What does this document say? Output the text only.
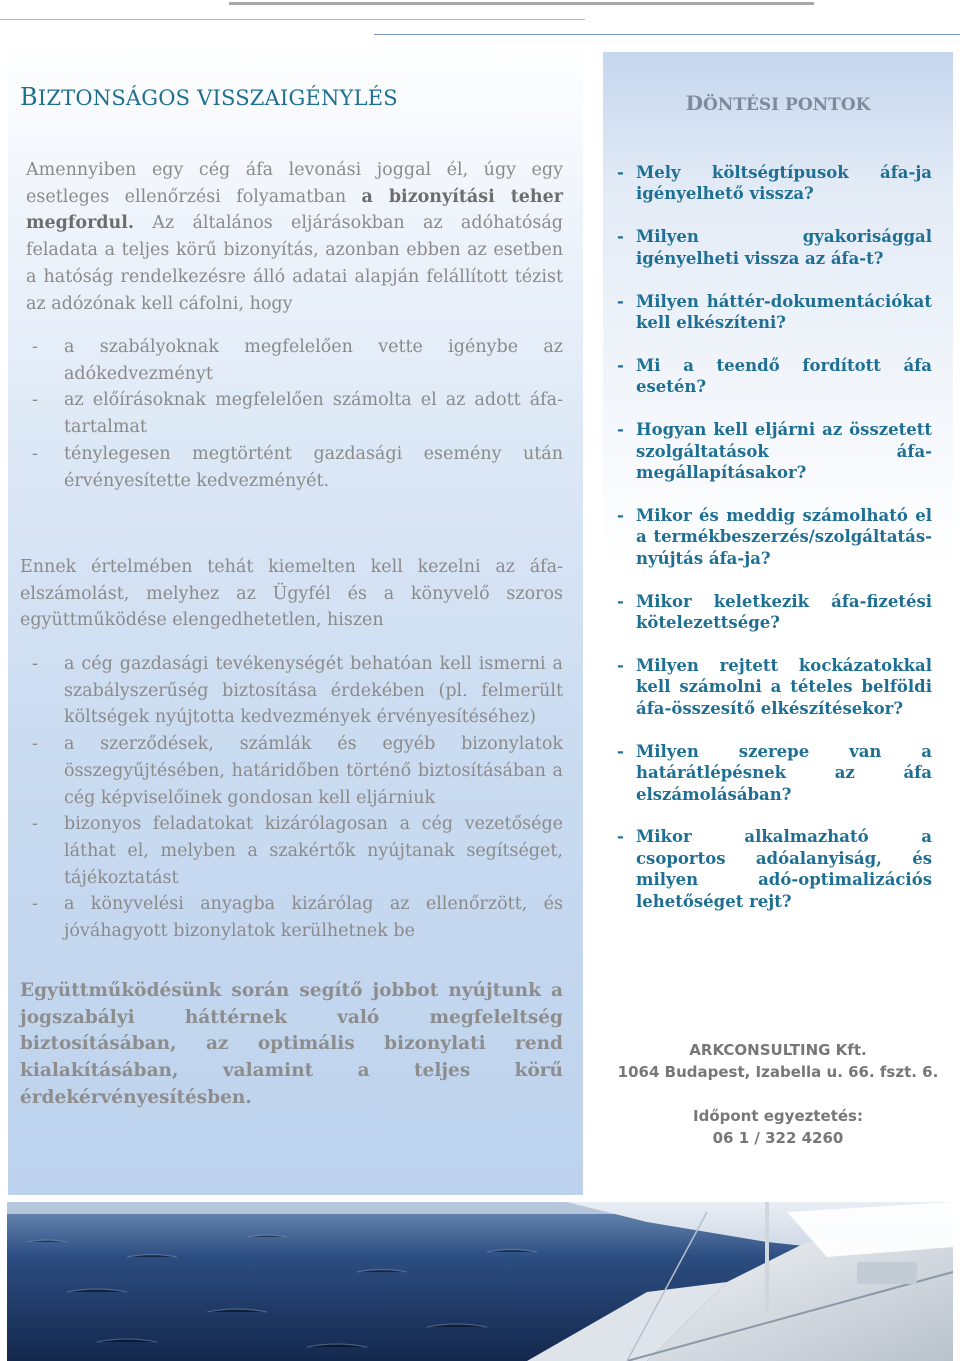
BIZTONSÁGOS VISSZAIGÉNYLÉS

Amennyiben egy cég áfa levonási joggal él, úgy egy esetleges ellenőrzési folyamatban a bizonyítási teher megfordul. Az általános eljárásokban az adóhatóság feladata a teljes körű bizonyítás, azonban ebben az esetben a hatóság rendelkezésre álló adatai alapján felállított tézist az adózónak kell cáfolni, hogy

- a szabályoknak megfelelően vette igénybe az adókedvezményt
- az előírásoknak megfelelően számolta el az adott áfa-tartalmat
- ténylegesen megtörtént gazdasági esemény után érvényesítette kedvezményét.

Ennek értelmében tehát kiemelten kell kezelni az áfa-elszámolást, melyhez az Ügyfél és a könyvelő szoros együttműködése elengedhetetlen, hiszen

- a cég gazdasági tevékenységét behatóan kell ismerni a szabályszerűség biztosítása érdekében (pl. felmerült költségek nyújtotta kedvezmények érvényesítéséhez)
- a szerződések, számlák és egyéb bizonylatok összegyűjtésében, határidőben történő biztosításában a cég képviselőinek gondosan kell eljárniuk
- bizonyos feladatokat kizárólagosan a cég vezetősége láthat el, melyben a szakértők nyújtanak segítséget, tájékoztatást
- a könyvelési anyagba kizárólag az ellenőrzött, és jóváhagyott bizonylatok kerülhetnek be

Együttműködésünk során segítő jobbot nyújtunk a jogszabályi háttérnek való megfeleltség biztosításában, az optimális bizonylati rend kialakításában, valamint a teljes körű érdekérvényesítésben.

DÖNTÉSI PONTOK
- Mely költségtípusok áfa-ja igényelhető vissza?
- Milyen gyakorisággal igényelheti vissza az áfa-t?
- Milyen háttér-dokumentációkat kell elkészíteni?
- Mi a teendő fordított áfa esetén?
- Hogyan kell eljárni az összetett szolgáltatások áfa-megállapításakor?
- Mikor és meddig számolható el a termékbeszerzés/szolgáltatás-nyújtás áfa-ja?
- Mikor keletkezik áfa-fizetési kötelezettsége?
- Milyen rejtett kockázatokkal kell számolni a tételes belföldi áfa-összesítő elkészítésekor?
- Milyen szerepe van a határátlépésnek az áfa elszámolásában?
- Mikor alkalmazható a csoportos adóalanyiság, és milyen adó-optimalizációs lehetőséget rejt?

ARKCONSULTING Kft.

1064 Budapest, Izabella u. 66. fszt. 6.

Időpont egyeztetés:

06 1 / 322 4260
